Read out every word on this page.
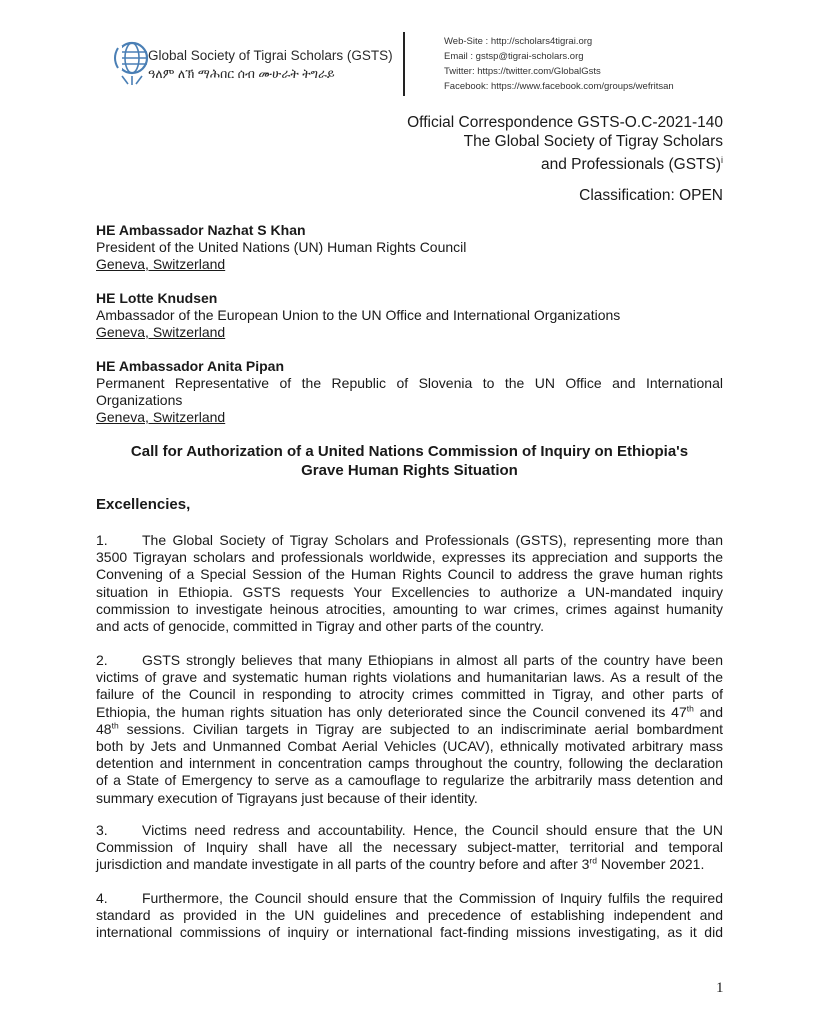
Global Society of Tigrai Scholars (GSTS)
ዓለም ለኽ ማሕበር ሰብ ሙሁራት ትግራይ
Web-Site : http://scholars4tigrai.org
Email : gstsp@tigrai-scholars.org
Twitter: https://twitter.com/GlobalGsts
Facebook: https://www.facebook.com/groups/wefritsan
Official Correspondence GSTS-O.C-2021-140
The Global Society of Tigray Scholars
and Professionals (GSTS)$^i$
Classification: OPEN
HE Ambassador Nazhat S Khan
President of the United Nations (UN) Human Rights Council
Geneva, Switzerland
HE Lotte Knudsen
Ambassador of the European Union to the UN Office and International Organizations
Geneva, Switzerland
HE Ambassador Anita Pipan
Permanent Representative of the Republic of Slovenia to the UN Office and International
Organizations
Geneva, Switzerland
Call for Authorization of a United Nations Commission of Inquiry on Ethiopia's
Grave Human Rights Situation
Excellencies,
1. The Global Society of Tigray Scholars and Professionals (GSTS), representing more than
3500 Tigrayan scholars and professionals worldwide, expresses its appreciation and supports the
Convening of a Special Session of the Human Rights Council to address the grave human rights
situation in Ethiopia. GSTS requests Your Excellencies to authorize a UN-mandated inquiry
commission to investigate heinous atrocities, amounting to war crimes, crimes against humanity
and acts of genocide, committed in Tigray and other parts of the country.
2. GSTS strongly believes that many Ethiopians in almost all parts of the country have been
victims of grave and systematic human rights violations and humanitarian laws. As a result of the
failure of the Council in responding to atrocity crimes committed in Tigray, and other parts of
Ethiopia, the human rights situation has only deteriorated since the Council convened its 47th and
48th sessions. Civilian targets in Tigray are subjected to an indiscriminate aerial bombardment
both by Jets and Unmanned Combat Aerial Vehicles (UCAV), ethnically motivated arbitrary mass
detention and internment in concentration camps throughout the country, following the declaration
of a State of Emergency to serve as a camouflage to regularize the arbitrarily mass detention and
summary execution of Tigrayans just because of their identity.
3. Victims need redress and accountability. Hence, the Council should ensure that the UN
Commission of Inquiry shall have all the necessary subject-matter, territorial and temporal
jurisdiction and mandate investigate in all parts of the country before and after 3rd November 2021.
4. Furthermore, the Council should ensure that the Commission of Inquiry fulfils the required
standard as provided in the UN guidelines and precedence of establishing independent and
international commissions of inquiry or international fact-finding missions investigating, as it did
1
